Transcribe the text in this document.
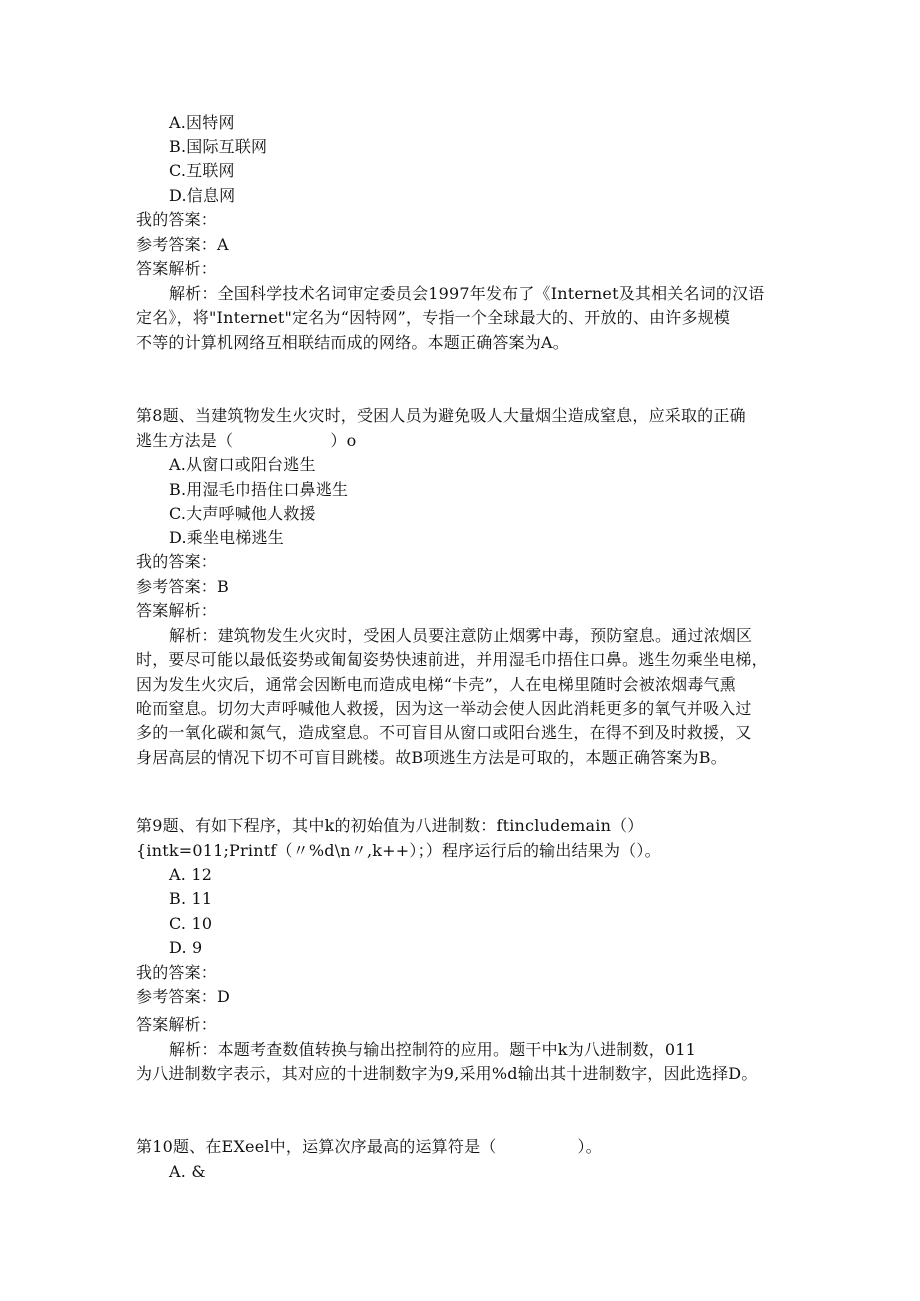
A.因特网
B.国际互联网
C.互联网
D.信息网
我的答案：
参考答案：A
答案解析：
解析：全国科学技术名词审定委员会1997年发布了《Internet及其相关名词的汉语
定名》，将"Internet"定名为“因特网”，专指一个全球最大的、开放的、由许多规模
不等的计算机网络互相联结而成的网络。本题正确答案为A。
第8题、当建筑物发生火灾时，受困人员为避免吸人大量烟尘造成窒息，应采取的正确
逃生方法是（　　　　　　）o
A.从窗口或阳台逃生
B.用湿毛巾捂住口鼻逃生
C.大声呼喊他人救援
D.乘坐电梯逃生
我的答案：
参考答案：B
答案解析：
解析：建筑物发生火灾时，受困人员要注意防止烟雾中毒，预防窒息。通过浓烟区
时，要尽可能以最低姿势或匍匐姿势快速前进，并用湿毛巾捂住口鼻。逃生勿乘坐电梯，
因为发生火灾后，通常会因断电而造成电梯“卡壳”，人在电梯里随时会被浓烟毒气熏
呛而窒息。切勿大声呼喊他人救援，因为这一举动会使人因此消耗更多的氧气并吸入过
多的一氧化碳和氮气，造成窒息。不可盲目从窗口或阳台逃生，在得不到及时救援，又
身居高层的情况下切不可盲目跳楼。故B项逃生方法是可取的，本题正确答案为B。
第9题、有如下程序，其中k的初始值为八进制数：ftincludemain（）
{intk=011;Printf（〃%d\n〃,k++）；）程序运行后的输出结果为（）。
A. 12
B. 11
C. 10
D. 9
我的答案：
参考答案：D
答案解析：
解析：本题考查数值转换与输出控制符的应用。题干中k为八进制数，011
为八进制数字表示，其对应的十进制数字为9,采用%d输出其十进制数字，因此选择D。
第10题、在EXeel中，运算次序最高的运算符是（　　　　　）。
A. &
